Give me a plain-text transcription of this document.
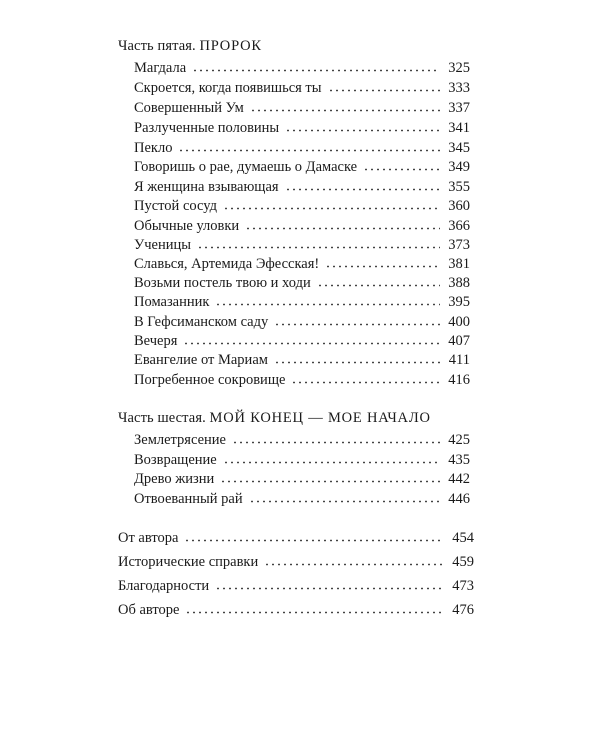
Часть пятая. ПРОРОК
Магдала	325
Скроется, когда появишься ты	333
Совершенный Ум	337
Разлученные половины	341
Пекло	345
Говоришь о рае, думаешь о Дамаске	349
Я женщина взывающая	355
Пустой сосуд	360
Обычные уловки	366
Ученицы	373
Славься, Артемида Эфесская!	381
Возьми постель твою и ходи	388
Помазанник	395
В Гефсиманском саду	400
Вечеря	407
Евангелие от Мариам	411
Погребенное сокровище	416
Часть шестая. МОЙ КОНЕЦ — МОЕ НАЧАЛО
Землетрясение	425
Возвращение	435
Древо жизни	442
Отвоеванный рай	446
От автора	454
Исторические справки	459
Благодарности	473
Об авторе	476
